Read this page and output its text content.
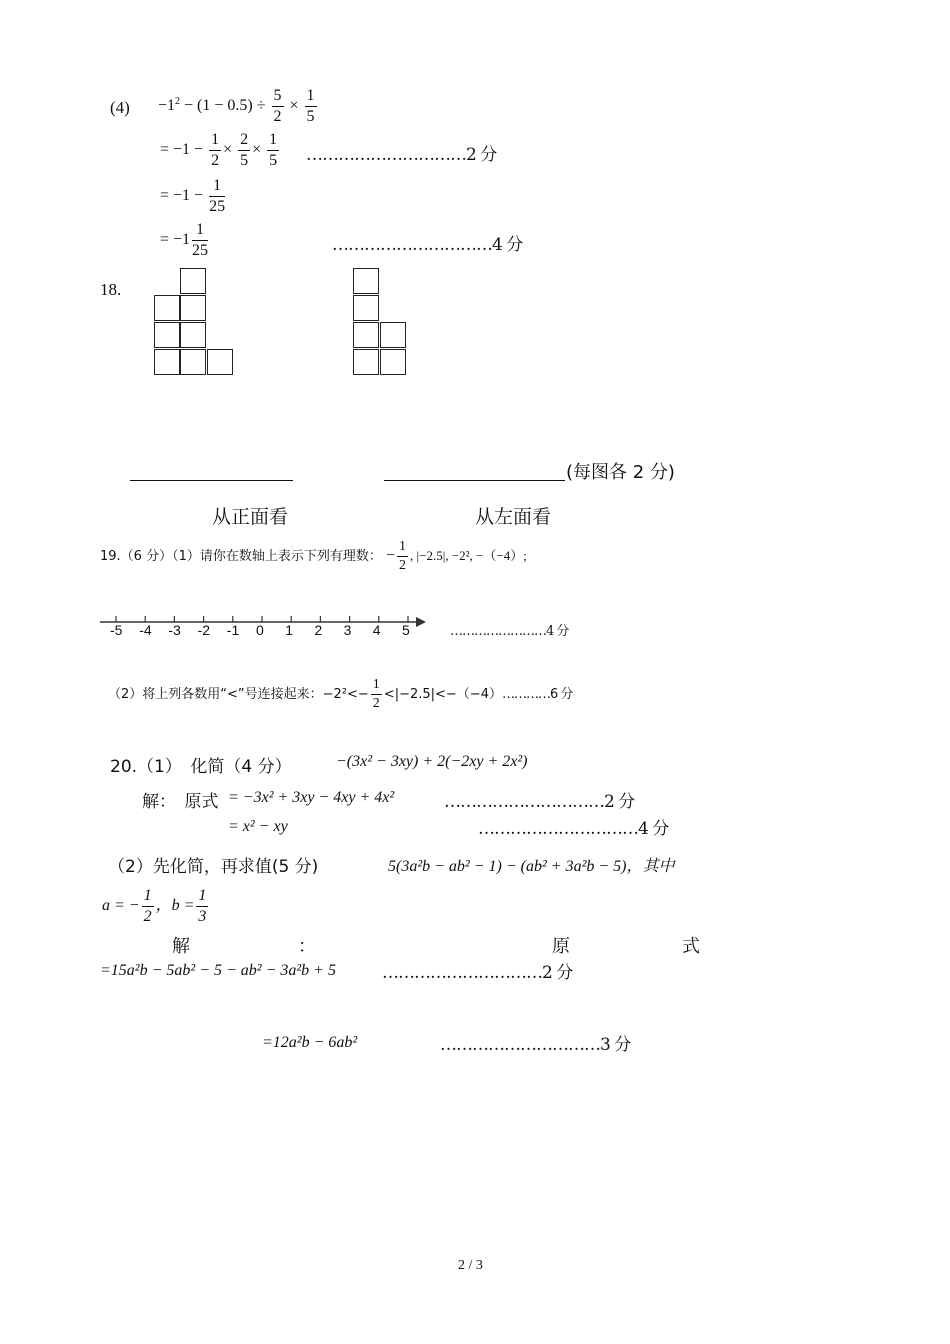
$(4) -1^2 - (1 - 0.5) \div \frac{5}{2} \times \frac{1}{5}$
= $-1 - \frac{1}{2} \times \frac{2}{5} \times \frac{1}{5}$ …………………………2 分
= $-1 - \frac{1}{25}$
= $-1 \frac{1}{25}$	…………………………4 分
18.
(每图各 2 分)
从正面看	从左面看
19.（6 分）（1）请你在数轴上表示下列有理数： − $\frac{1}{2}$ , |−2.5|, −2², −（−4）;
-5 -4 -3 -2 -1 0 1 2 3 4 5	……………………4 分
（2）将上列各数用“<”号连接起来：$-2^2<- \frac{1}{2}$ <|−2.5|<−（−4）…………6 分
20.（1）　化简（4 分）	−(3x² − 3xy) + 2(−2xy + 2x²)
解：　原式 = −3x² + 3xy − 4xy + 4x²	…………………………2 分
= x² − xy	…………………………4 分
（2）先化简，再求值(5 分)	5(3a²b − ab² − 1) − (ab² + 3a²b − 5)，其中
a = − $\frac{1}{2}$ ，$b = \frac{1}{3}$
解	：	原	式
=15a²b − 5ab² − 5 − ab² − 3a²b + 5	…………………………2 分
=12a²b − 6ab²	…………………………3 分
2 / 3
